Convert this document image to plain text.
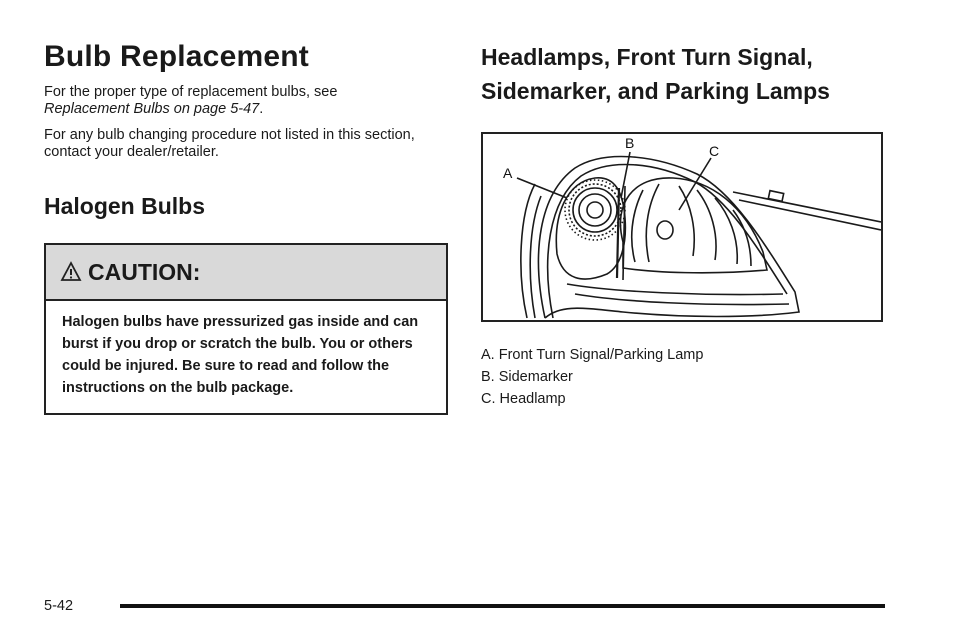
Bulb Replacement

For the proper type of replacement bulbs, see
Replacement Bulbs on page 5-47.

For any bulb changing procedure not listed in this section, contact your dealer/retailer.

Halogen Bulbs
CAUTION:
Halogen bulbs have pressurized gas inside and can burst if you drop or scratch the bulb. You or others could be injured. Be sure to read and follow the instructions on the bulb package.
Headlamps, Front Turn Signal,
Sidemarker, and Parking Lamps
A
B	C
A. Front Turn Signal/Parking Lamp
B. Sidemarker
C. Headlamp
5-42
